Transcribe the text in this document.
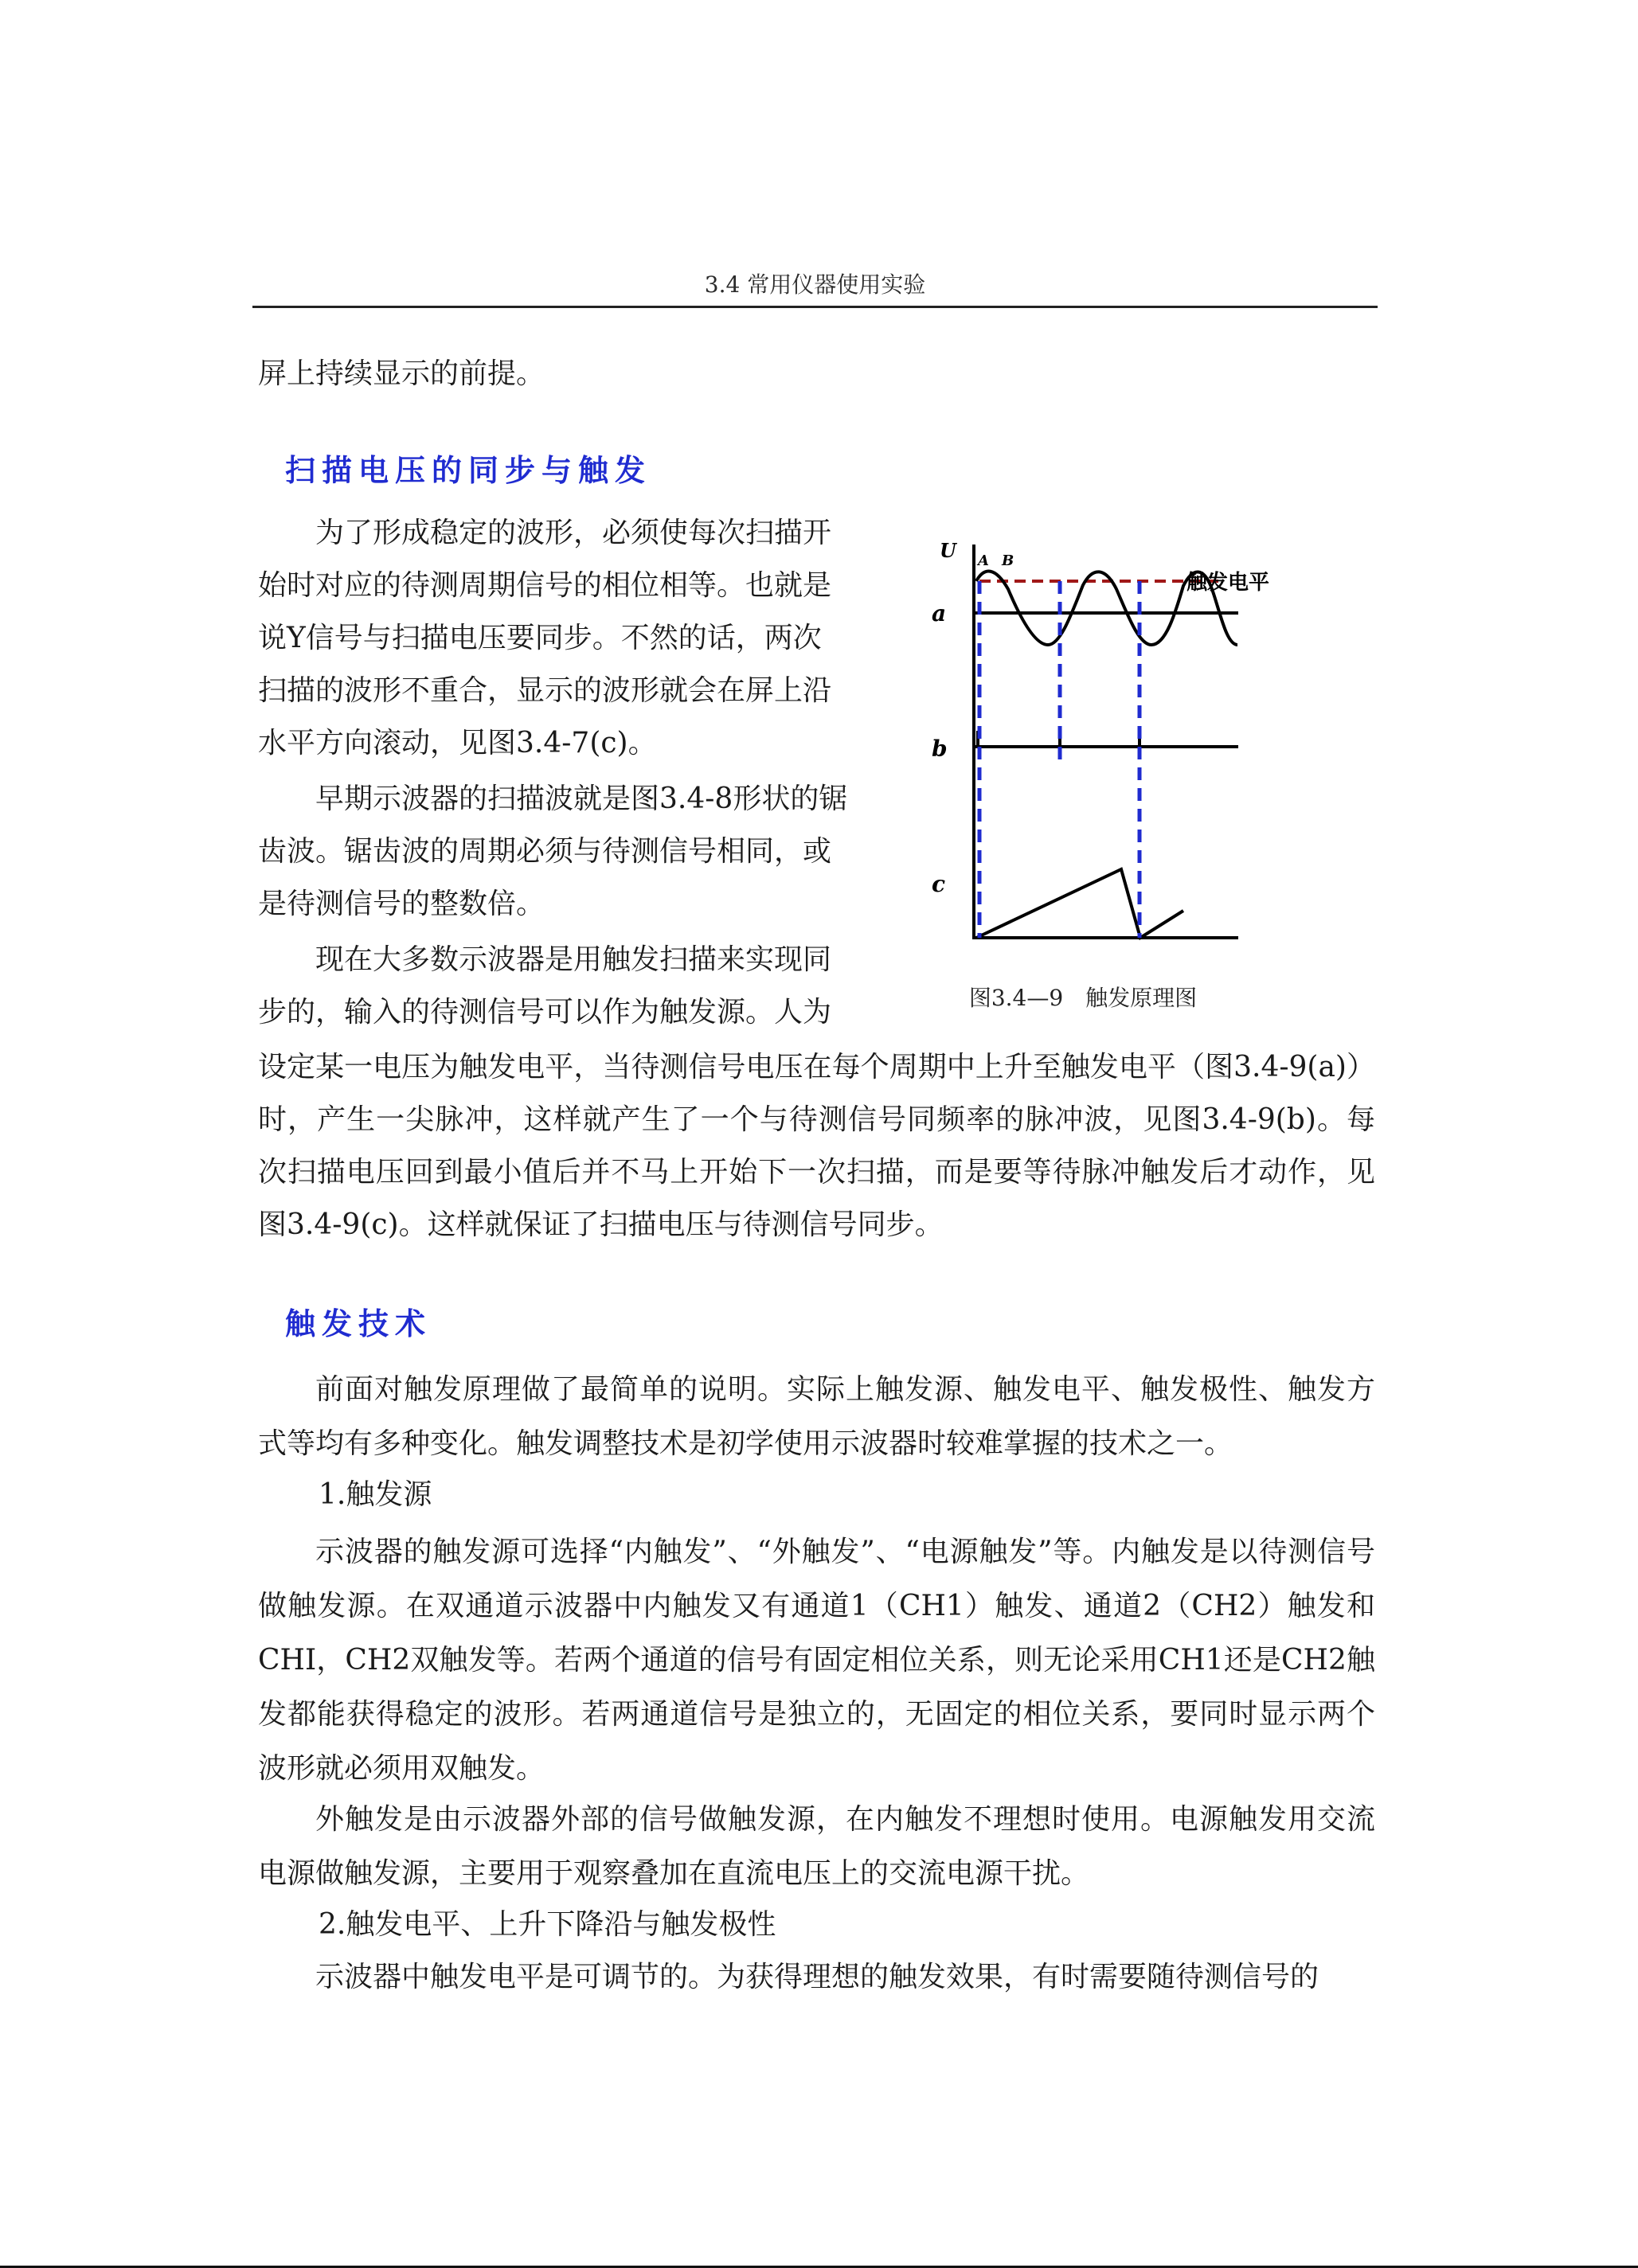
3.4 常用仪器使用实验

屏上持续显示的前提。

扫描电压的同步与触发

为了形成稳定的波形，必须使每次扫描开

始时对应的待测周期信号的相位相等。也就是

说Y信号与扫描电压要同步。不然的话，两次

扫描的波形不重合，显示的波形就会在屏上沿

水平方向滚动，见图3.4-7(c)。

早期示波器的扫描波就是图3.4-8形状的锯

齿波。锯齿波的周期必须与待测信号相同，或

是待测信号的整数倍。

现在大多数示波器是用触发扫描来实现同

步的，输入的待测信号可以作为触发源。人为

设定某一电压为触发电平，当待测信号电压在每个周期中上升至触发电平（图3.4-9(a)）时，产生一尖脉冲，这样就产生了一个与待测信号同频率的脉冲波，见图3.4-9(b)。每次扫描电压回到最小值后并不马上开始下一次扫描，而是要等待脉冲触发后才动作，见图3.4-9(c)。这样就保证了扫描电压与待测信号同步。

U A B
a
b
c
触发电平
图3.4—9　触发原理图
触发技术

前面对触发原理做了最简单的说明。实际上触发源、触发电平、触发极性、触发方式等均有多种变化。触发调整技术是初学使用示波器时较难掌握的技术之一。

1.触发源

示波器的触发源可选择“内触发”、“外触发”、“电源触发”等。内触发是以待测信号做触发源。在双通道示波器中内触发又有通道1（CH1）触发、通道2（CH2）触发和CHI，CH2双触发等。若两个通道的信号有固定相位关系，则无论采用CH1还是CH2触发都能获得稳定的波形。若两通道信号是独立的，无固定的相位关系，要同时显示两个波形就必须用双触发。

外触发是由示波器外部的信号做触发源，在内触发不理想时使用。电源触发用交流电源做触发源，主要用于观察叠加在直流电压上的交流电源干扰。

2.触发电平、上升下降沿与触发极性

示波器中触发电平是可调节的。为获得理想的触发效果，有时需要随待测信号的
